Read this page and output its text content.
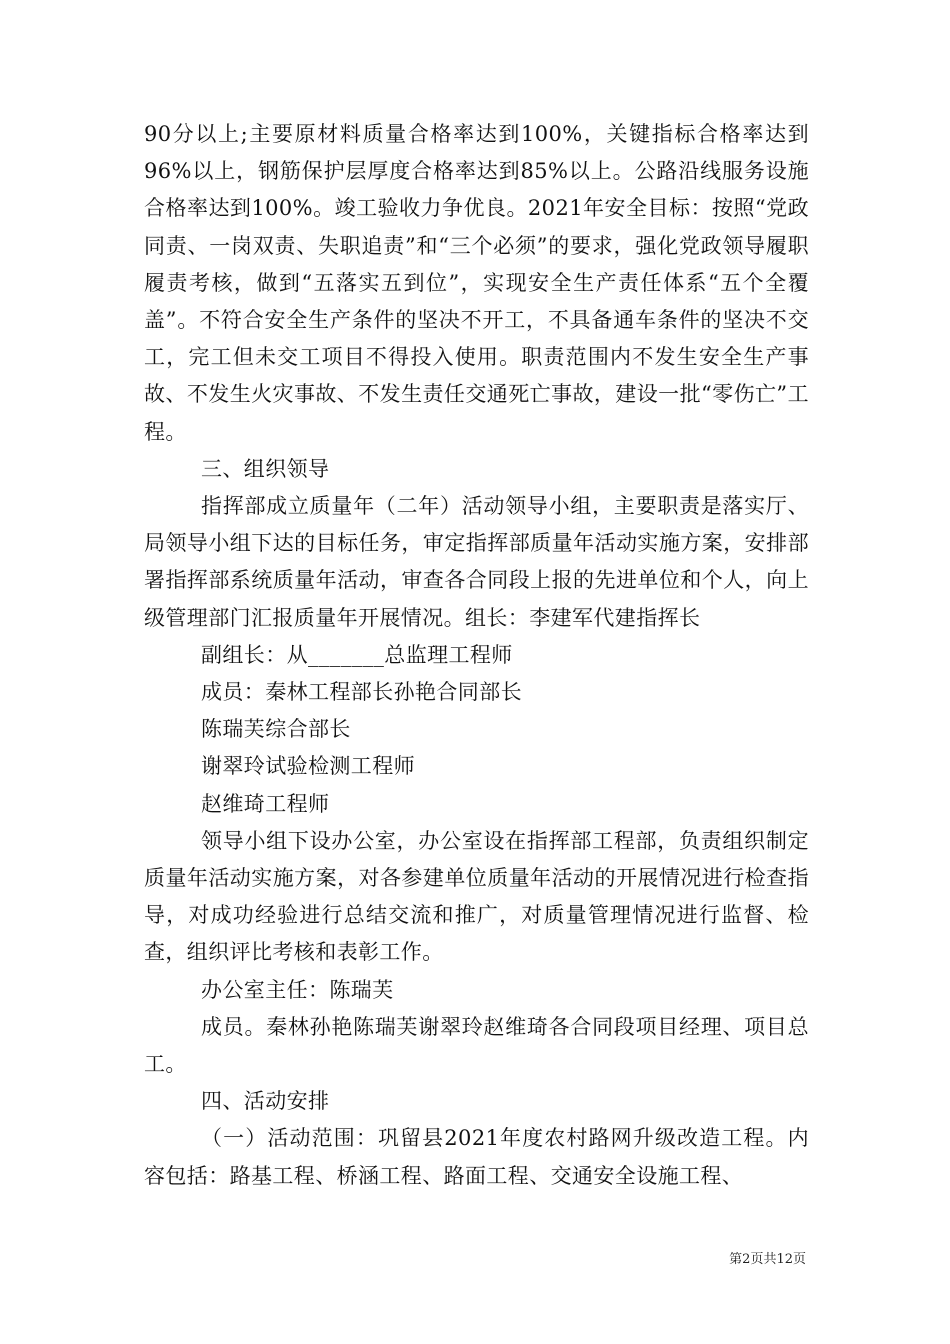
90分以上;主要原材料质量合格率达到100%，关键指标合格率达到96%以上，钢筋保护层厚度合格率达到85%以上。公路沿线服务设施合格率达到100%。竣工验收力争优良。2021年安全目标：按照“党政同责、一岗双责、失职追责”和“三个必须”的要求，强化党政领导履职履责考核，做到“五落实五到位”，实现安全生产责任体系“五个全覆盖”。不符合安全生产条件的坚决不开工，不具备通车条件的坚决不交工，完工但未交工项目不得投入使用。职责范围内不发生安全生产事故、不发生火灾事故、不发生责任交通死亡事故，建设一批“零伤亡”工程。

三、组织领导

指挥部成立质量年（二年）活动领导小组，主要职责是落实厅、局领导小组下达的目标任务，审定指挥部质量年活动实施方案，安排部署指挥部系统质量年活动，审查各合同段上报的先进单位和个人，向上级管理部门汇报质量年开展情况。组长：李建军代建指挥长

副组长：从_______总监理工程师

成员：秦林工程部长孙艳合同部长

陈瑞芙综合部长

谢翠玲试验检测工程师

赵维琦工程师

领导小组下设办公室，办公室设在指挥部工程部，负责组织制定质量年活动实施方案，对各参建单位质量年活动的开展情况进行检查指导，对成功经验进行总结交流和推广，对质量管理情况进行监督、检查，组织评比考核和表彰工作。

办公室主任：陈瑞芙

成员。秦林孙艳陈瑞芙谢翠玲赵维琦各合同段项目经理、项目总工。

四、活动安排

（一）活动范围：巩留县2021年度农村路网升级改造工程。内容包括：路基工程、桥涵工程、路面工程、交通安全设施工程、

第2页共12页
